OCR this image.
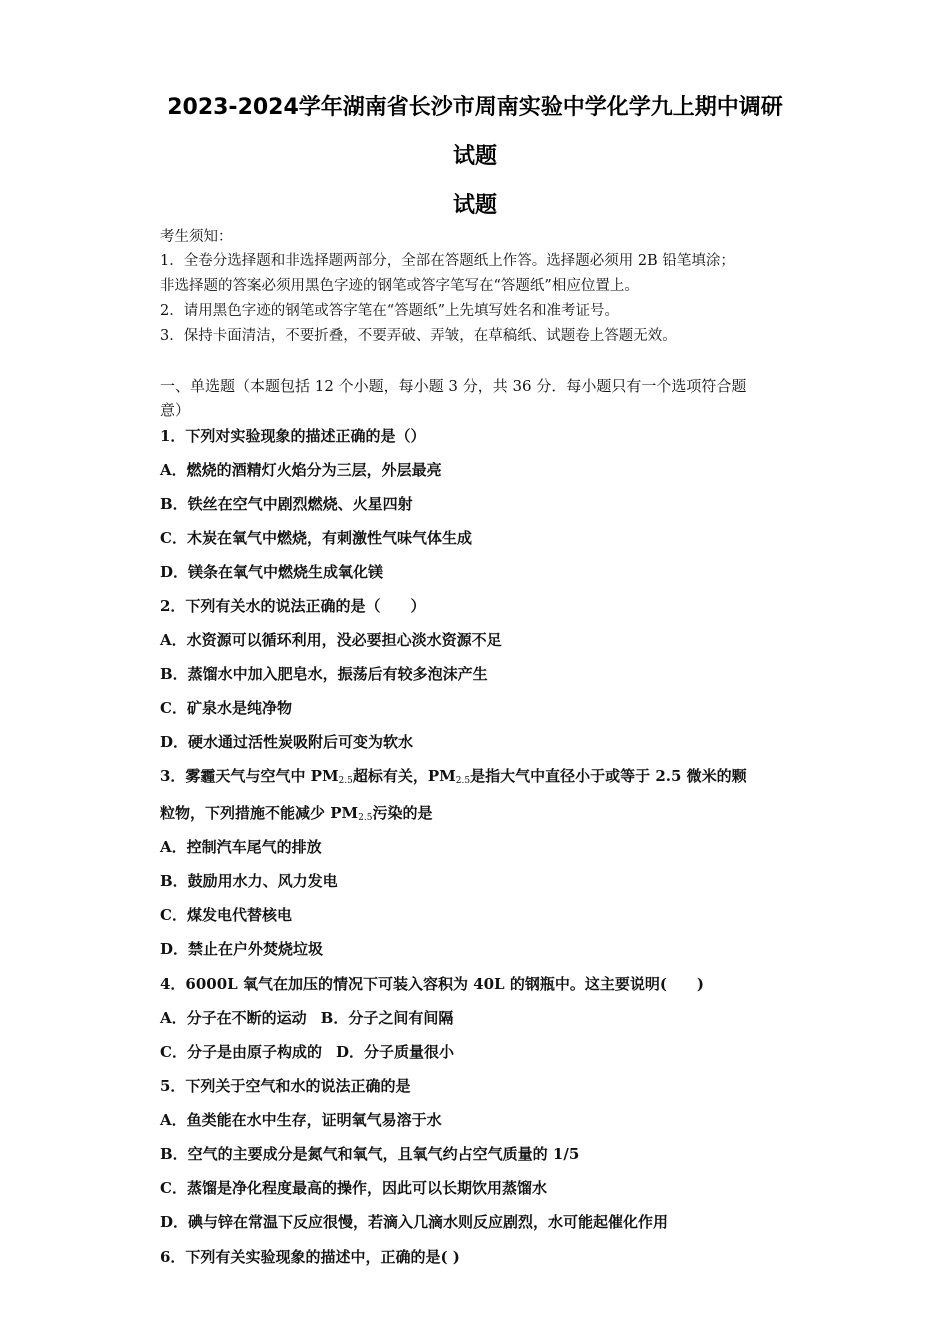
2023-2024学年湖南省长沙市周南实验中学化学九上期中调研
试题
试题
考生须知：
1．全卷分选择题和非选择题两部分，全部在答题纸上作答。选择题必须用 2B 铅笔填涂；
非选择题的答案必须用黑色字迹的钢笔或答字笔写在“答题纸”相应位置上。
2．请用黑色字迹的钢笔或答字笔在“答题纸”上先填写姓名和准考证号。
3．保持卡面清洁，不要折叠，不要弄破、弄皱，在草稿纸、试题卷上答题无效。
一、单选题（本题包括 12 个小题，每小题 3 分，共 36 分．每小题只有一个选项符合题
意）
1．下列对实验现象的描述正确的是（）
A．燃烧的酒精灯火焰分为三层，外层最亮
B．铁丝在空气中剧烈燃烧、火星四射
C．木炭在氧气中燃烧，有刺激性气味气体生成
D．镁条在氧气中燃烧生成氧化镁
2．下列有关水的说法正确的是（　　）
A．水资源可以循环利用，没必要担心淡水资源不足
B．蒸馏水中加入肥皂水，振荡后有较多泡沫产生
C．矿泉水是纯净物
D．硬水通过活性炭吸附后可变为软水
3．雾霾天气与空气中 $PM_{2.5}$超标有关，$PM_{2.5}$是指大气中直径小于或等于 2.5 微米的颗
粒物，下列措施不能减少 $PM_{2.5}$污染的是
A．控制汽车尾气的排放
B．鼓励用水力、风力发电
C．煤发电代替核电
D．禁止在户外焚烧垃圾
4．6000L 氧气在加压的情况下可装入容积为 40L 的钢瓶中。这主要说明(　　)
A．分子在不断的运动 B．分子之间有间隔
C．分子是由原子构成的 D．分子质量很小
5．下列关于空气和水的说法正确的是
A．鱼类能在水中生存，证明氧气易溶于水
B．空气的主要成分是氮气和氧气，且氧气约占空气质量的 1/5
C．蒸馏是净化程度最高的操作，因此可以长期饮用蒸馏水
D．碘与锌在常温下反应很慢，若滴入几滴水则反应剧烈，水可能起催化作用
6．下列有关实验现象的描述中，正确的是( )
